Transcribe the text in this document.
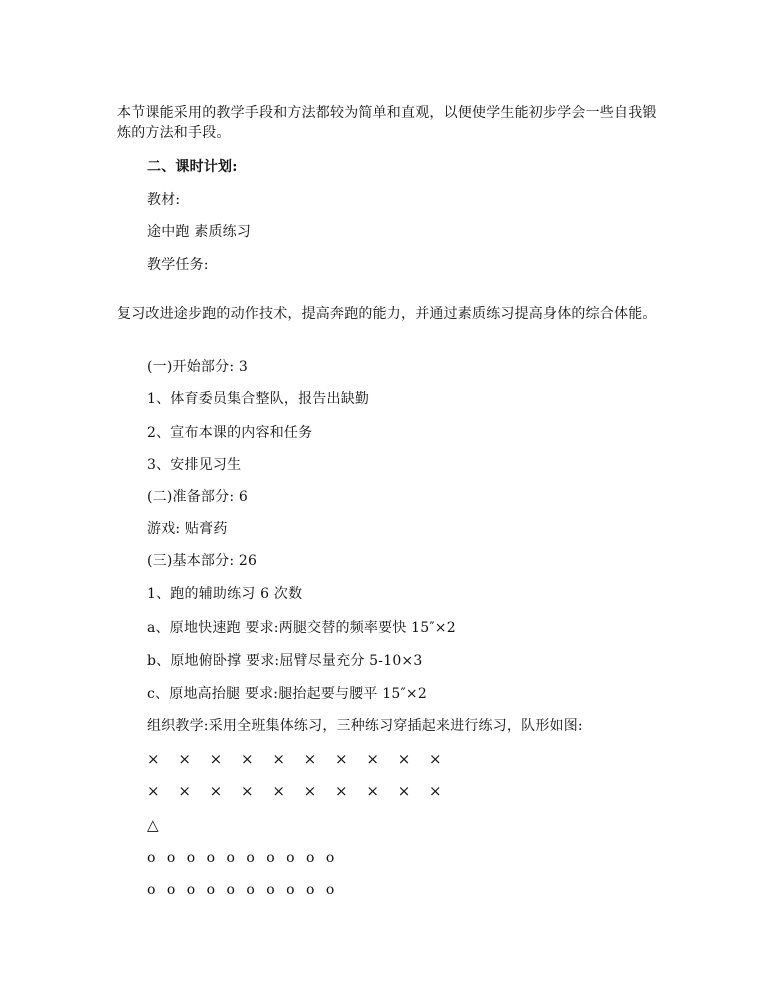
本节课能采用的教学手段和方法都较为简单和直观，以便使学生能初步学会一些自我锻炼的方法和手段。
二、课时计划:
教材:
途中跑 素质练习
教学任务:
复习改进途步跑的动作技术，提高奔跑的能力，并通过素质练习提高身体的综合体能。
(一)开始部分: 3
1、体育委员集合整队，报告出缺勤
2、宣布本课的内容和任务
3、安排见习生
(二)准备部分: 6
游戏: 贴膏药
(三)基本部分: 26
1、跑的辅助练习 6 次数
a、原地快速跑 要求:两腿交替的频率要快 15″×2
b、原地俯卧撑 要求:屈臂尽量充分 5-10×3
c、原地高抬腿 要求:腿抬起要与腰平 15″×2
组织教学:采用全班集体练习，三种练习穿插起来进行练习，队形如图:
× × × × × × × × × ×
× × × × × × × × × ×
△
o o o o o o o o o o
o o o o o o o o o o
